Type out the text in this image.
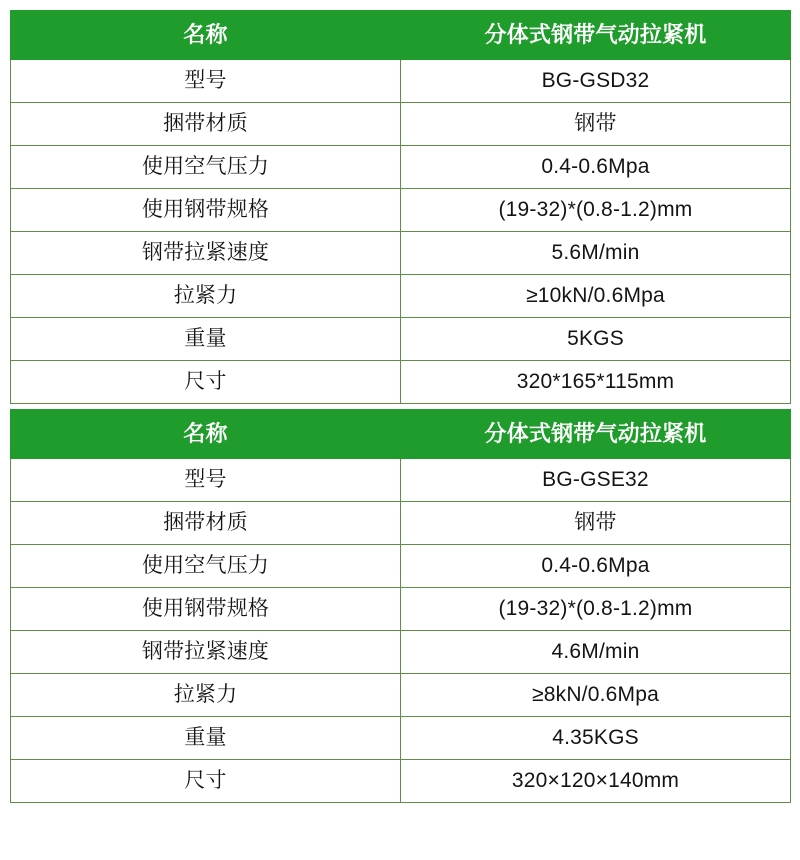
名称	分体式钢带气动拉紧机
型号	BG-GSD32
捆带材质	钢带
使用空气压力	0.4-0.6Mpa
使用钢带规格	(19-32)*(0.8-1.2)mm
钢带拉紧速度	5.6M/min
拉紧力	≥10kN/0.6Mpa
重量	5KGS
尺寸	320*165*115mm
名称	分体式钢带气动拉紧机
型号	BG-GSE32
捆带材质	钢带
使用空气压力	0.4-0.6Mpa
使用钢带规格	(19-32)*(0.8-1.2)mm
钢带拉紧速度	4.6M/min
拉紧力	≥8kN/0.6Mpa
重量	4.35KGS
尺寸	320×120×140mm
